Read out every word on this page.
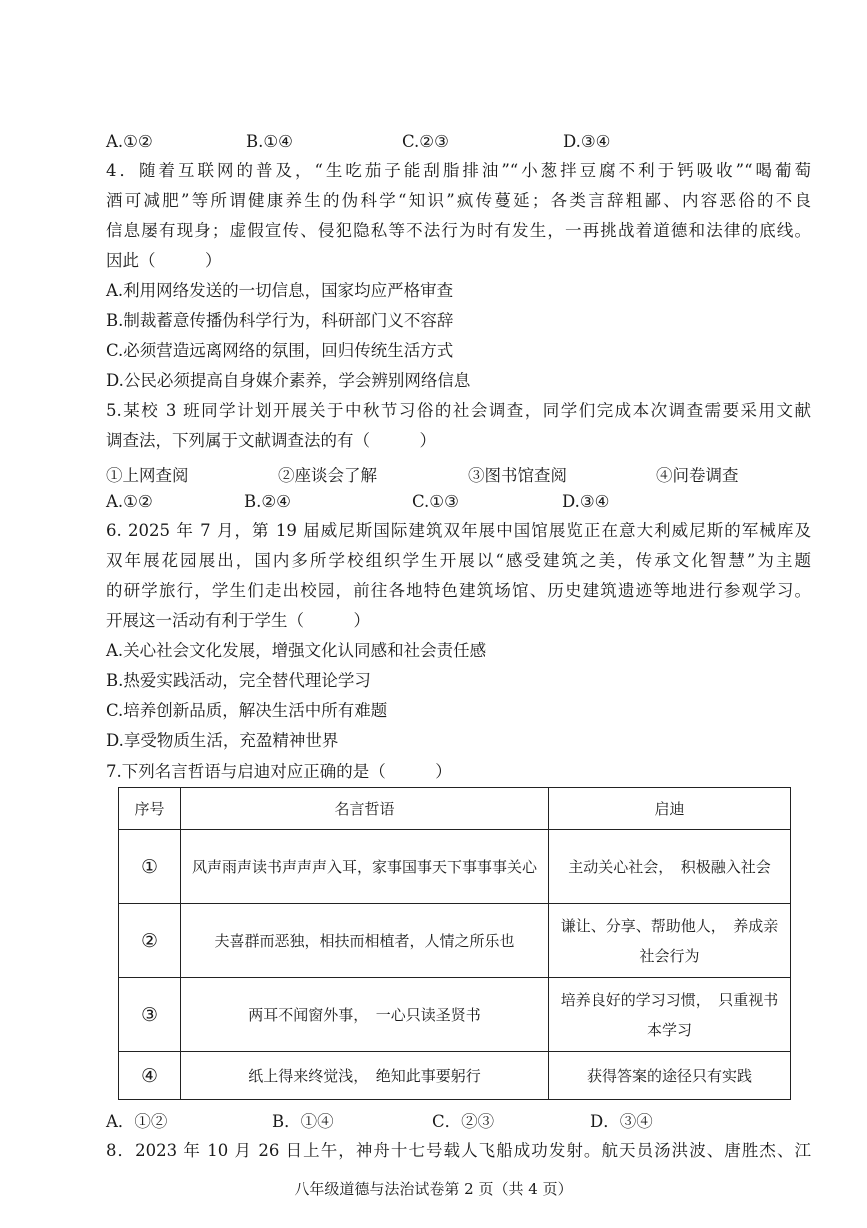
A.①②	B.①④	C.②③	D.③④
4．随着互联网的普及，“生吃茄子能刮脂排油”“小葱拌豆腐不利于钙吸收”“喝葡萄
酒可减肥”等所谓健康养生的伪科学“知识”疯传蔓延；各类言辞粗鄙、内容恶俗的不良
信息屡有现身；虚假宣传、侵犯隐私等不法行为时有发生，一再挑战着道德和法律的底线。
因此（　　　）
A.利用网络发送的一切信息，国家均应严格审查
B.制裁蓄意传播伪科学行为，科研部门义不容辞
C.必须营造远离网络的氛围，回归传统生活方式
D.公民必须提高自身媒介素养，学会辨别网络信息
5.某校 3 班同学计划开展关于中秋节习俗的社会调查，同学们完成本次调查需要采用文献
调查法，下列属于文献调查法的有（　　　）
①上网查阅	②座谈会了解	③图书馆查阅	④问卷调查
A.①②	B.②④	C.①③	D.③④
6. 2025 年 7 月，第 19 届威尼斯国际建筑双年展中国馆展览正在意大利威尼斯的军械库及
双年展花园展出，国内多所学校组织学生开展以“感受建筑之美，传承文化智慧”为主题
的研学旅行，学生们走出校园，前往各地特色建筑场馆、历史建筑遗迹等地进行参观学习。
开展这一活动有利于学生（　　　）
A.关心社会文化发展，增强文化认同感和社会责任感
B.热爱实践活动，完全替代理论学习
C.培养创新品质，解决生活中所有难题
D.享受物质生活，充盈精神世界
7.下列名言哲语与启迪对应正确的是（　　　）
序号	名言哲语	启迪
①	风声雨声读书声声声入耳，家事国事天下事事事关心	主动关心社会，　积极融入社会
②	夫喜群而恶独，相扶而相植者，人情之所乐也	谦让、分享、帮助他人，　养成亲社会行为
③	两耳不闻窗外事，　一心只读圣贤书	培养良好的学习习惯，　只重视书本学习
④	纸上得来终觉浅，　绝知此事要躬行	获得答案的途径只有实践
A．①②	B．①④	C．②③	D．③④
8．2023 年 10 月 26 日上午，神舟十七号载人飞船成功发射。航天员汤洪波、唐胜杰、江
八年级道德与法治试卷第 2 页（共 4 页）
